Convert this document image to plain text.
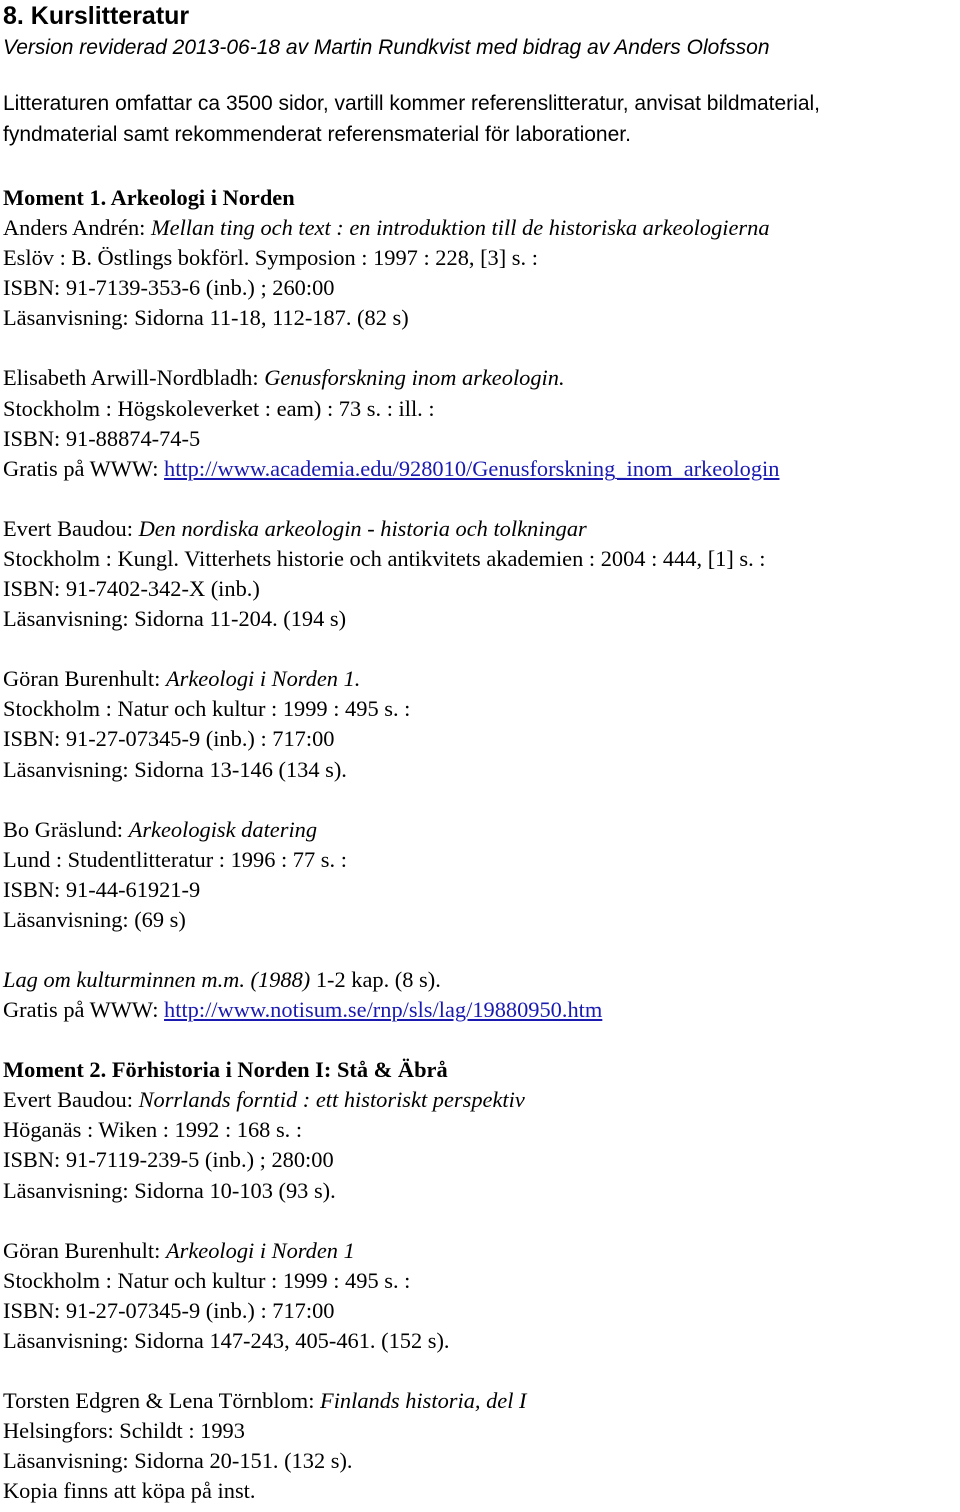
8. Kurslitteratur
Version reviderad 2013-06-18 av Martin Rundkvist med bidrag av Anders Olofsson
Litteraturen omfattar ca 3500 sidor, vartill kommer referenslitteratur, anvisat bildmaterial,
fyndmaterial samt rekommenderat referensmaterial för laborationer.
Moment 1. Arkeologi i Norden
Anders Andrén: Mellan ting och text : en introduktion till de historiska arkeologierna
Eslöv : B. Östlings bokförl. Symposion : 1997 : 228, [3] s. :
ISBN: 91-7139-353-6 (inb.) ; 260:00
Läsanvisning: Sidorna 11-18, 112-187. (82 s)
Elisabeth Arwill-Nordbladh: Genusforskning inom arkeologin.
Stockholm : Högskoleverket : eam) : 73 s. : ill. :
ISBN: 91-88874-74-5
Gratis på WWW: http://www.academia.edu/928010/Genusforskning_inom_arkeologin
Evert Baudou: Den nordiska arkeologin - historia och tolkningar
Stockholm : Kungl. Vitterhets historie och antikvitets akademien : 2004 : 444, [1] s. :
ISBN: 91-7402-342-X (inb.)
Läsanvisning: Sidorna 11-204. (194 s)
Göran Burenhult: Arkeologi i Norden 1.
Stockholm : Natur och kultur : 1999 : 495 s. :
ISBN: 91-27-07345-9 (inb.) : 717:00
Läsanvisning: Sidorna 13-146 (134 s).
Bo Gräslund: Arkeologisk datering
Lund : Studentlitteratur : 1996 : 77 s. :
ISBN: 91-44-61921-9
Läsanvisning: (69 s)
Lag om kulturminnen m.m. (1988) 1-2 kap. (8 s).
Gratis på WWW: http://www.notisum.se/rnp/sls/lag/19880950.htm
Moment 2. Förhistoria i Norden I: Stå & Äbrå
Evert Baudou: Norrlands forntid : ett historiskt perspektiv
Höganäs : Wiken : 1992 : 168 s. :
ISBN: 91-7119-239-5 (inb.) ; 280:00
Läsanvisning: Sidorna 10-103 (93 s).
Göran Burenhult: Arkeologi i Norden 1
Stockholm : Natur och kultur : 1999 : 495 s. :
ISBN: 91-27-07345-9 (inb.) : 717:00
Läsanvisning: Sidorna 147-243, 405-461. (152 s).
Torsten Edgren & Lena Törnblom: Finlands historia, del I
Helsingfors: Schildt : 1993
Läsanvisning: Sidorna 20-151. (132 s).
Kopia finns att köpa på inst.
